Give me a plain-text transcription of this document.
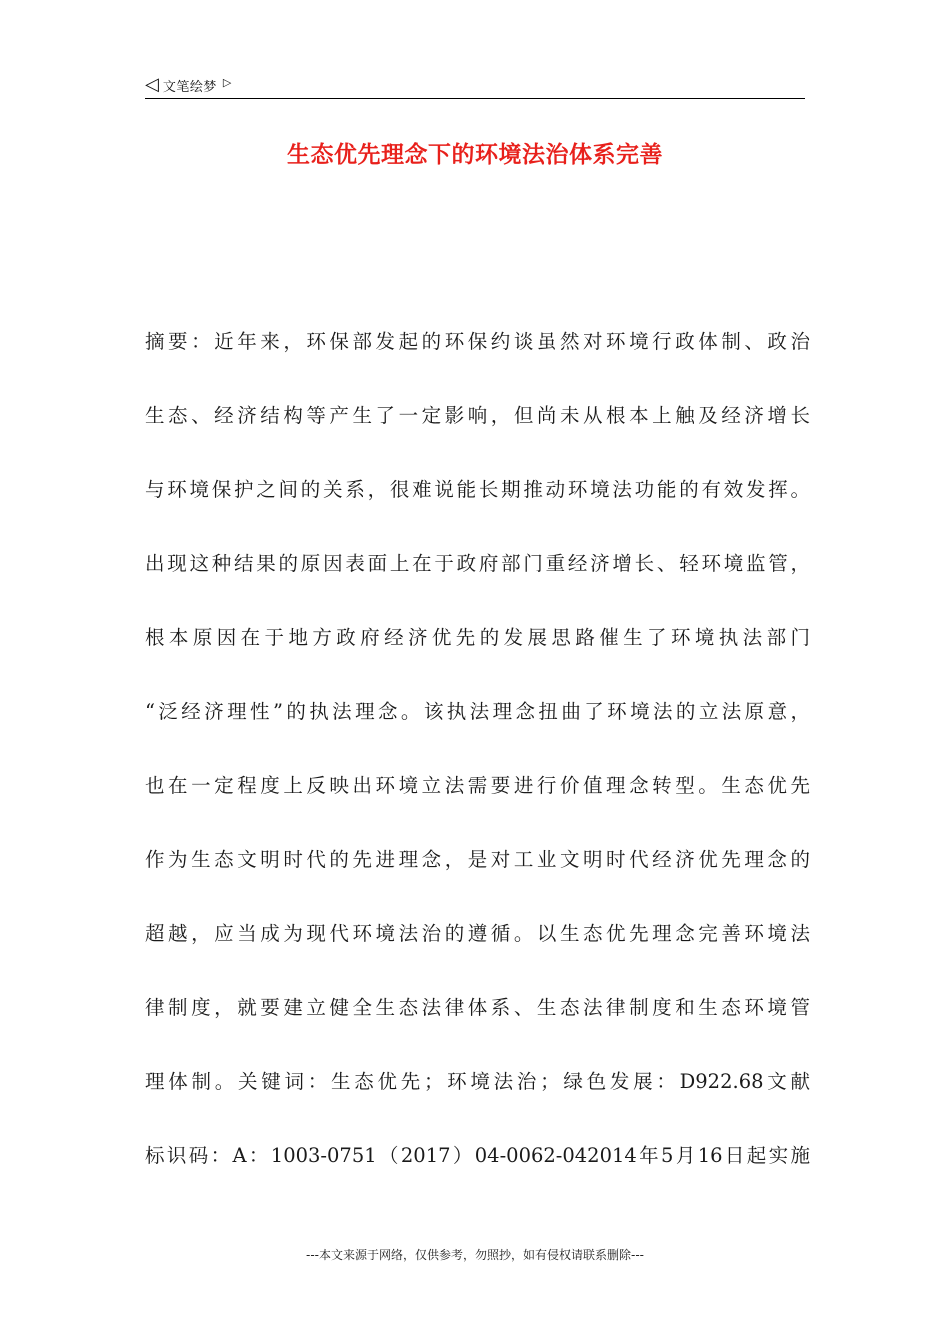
◁ 文笔绘梦 ▷
生态优先理念下的环境法治体系完善
摘要：近年来，环保部发起的环保约谈虽然对环境行政体制、政治
生态、经济结构等产生了一定影响，但尚未从根本上触及经济增长
与环境保护之间的关系，很难说能长期推动环境法功能的有效发挥。
出现这种结果的原因表面上在于政府部门重经济增长、轻环境监管，
根本原因在于地方政府经济优先的发展思路催生了环境执法部门
“泛经济理性”的执法理念。该执法理念扭曲了环境法的立法原意，
也在一定程度上反映出环境立法需要进行价值理念转型。生态优先
作为生态文明时代的先进理念，是对工业文明时代经济优先理念的
超越，应当成为现代环境法治的遵循。以生态优先理念完善环境法
律制度，就要建立健全生态法律体系、生态法律制度和生态环境管
理体制。关键词：生态优先；环境法治；绿色发展：D922.68文献
标识码：A：1003-0751（2017）04-0062-042014年5月16日起实施
---本文来源于网络，仅供参考，勿照抄，如有侵权请联系删除---
